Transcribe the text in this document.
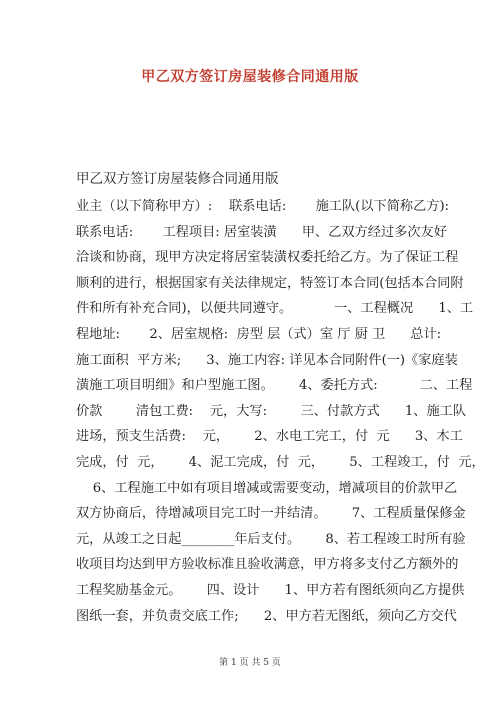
甲乙双方签订房屋装修合同通用版
甲乙双方签订房屋装修合同通用版
业主（以下简称甲方）:    联系电话:       施工队(以下简称乙方):
联系电话:       工程项目: 居室装潢      甲、乙双方经过多次友好
洽谈和协商，现甲方决定将居室装潢权委托给乙方。为了保证工程
顺利的进行，根据国家有关法律规定，特签订本合同(包括本合同附
件和所有补充合同)，以便共同遵守。          一、工程概况      1、工
程地址:       2、居室规格:  房型 层（式）室 厅 厨 卫      总计:
施工面积  平方米;      3、施工内容: 详见本合同附件(一)《家庭装
潢施工项目明细》和户型施工图。      4、委托方式:          二、工程
价款        清包工费:    元，大写:        三、付款方式      1、施工队
进场，预支生活费:    元，      2、水电工完工，付  元      3、木工
完成，付  元，      4、泥工完成，付  元，      5、工程竣工，付  元，
6、工程施工中如有项目增减或需要变动，增减项目的价款甲乙
双方协商后，待增减项目完工时一并结清。      7、工程质量保修金
元，从竣工之日起________年后支付。      8、若工程竣工时所有验
收项目均达到甲方验收标准且验收满意，甲方将多支付乙方额外的
工程奖励基金元。      四、设计      1、甲方若有图纸须向乙方提供
图纸一套，并负责交底工作;      2、甲方若无图纸，须向乙方交代
第 1 页 共 5 页
